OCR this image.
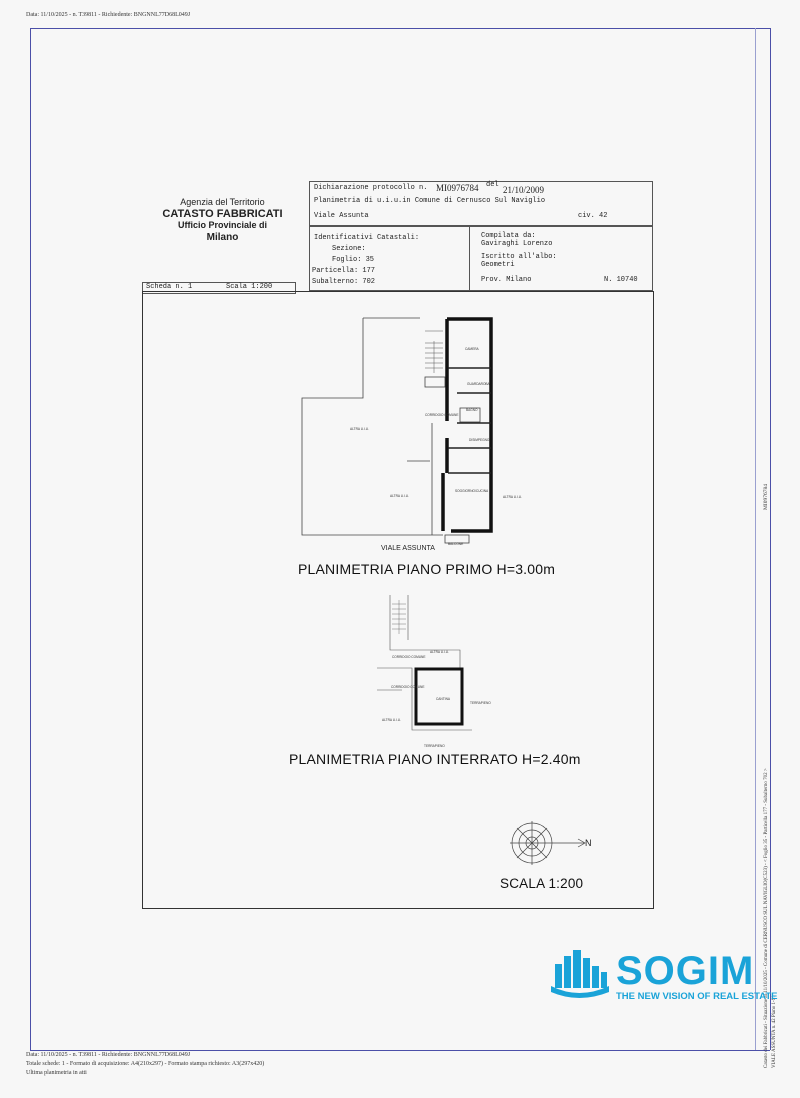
Data: 11/10/2025 - n. T39811 - Richiedente: BNGNNL77D68L049J
Agenzia del Territorio
CATASTO FABBRICATI
Ufficio Provinciale di
Milano
Dichiarazione protocollo n. MI0976784 del 21/10/2009
Planimetria di u.i.u.in Comune di Cernusco Sul Naviglio
Viale Assunta	civ. 42
Identificativi Catastali:
Sezione:
Foglio: 35
Particella: 177
Subalterno: 702
Compilata da:
Gaviraghi Lorenzo
Iscritto all'albo:
Geometri
Prov. Milano	N. 10740
Scheda n. 1	Scala 1:200
CAMERA
GUARDAROBA
BAGNO
DISIMPEGNO
SOGGIORNO/CUCINA
CORRIDOIO COMUNE
ALTRA U.I.U.
ALTRA U.I.U.	ALTRA U.I.U.
BALCONE
VIALE ASSUNTA
PLANIMETRIA PIANO PRIMO H=3.00m
CANTINA
CORRIDOIO COMUNE
CORRIDOIO COMUNE
ALTRA U.I.U.
ALTRA U.I.U.
TERRAPIENO
TERRAPIENO
PLANIMETRIA PIANO INTERRATO H=2.40m
N
SCALA 1:200
MI0976784
Catasto dei Fabbricati - Situazione al 11/10/2025 - Comune di CERNUSCO SUL NAVIGLIO(C523) - < Foglio 35 - Particella 177 - Subalterno 702 > VIALE ASSUNTA n. 42 Piano 1-S1
SOGIM
THE NEW VISION OF REAL ESTATE
Data: 11/10/2025 - n. T39811 - Richiedente: BNGNNL77D68L049J
Totale schede: 1 - Formato di acquisizione: A4(210x297) - Formato stampa richiesto: A3(297x420)
Ultima planimetria in atti
